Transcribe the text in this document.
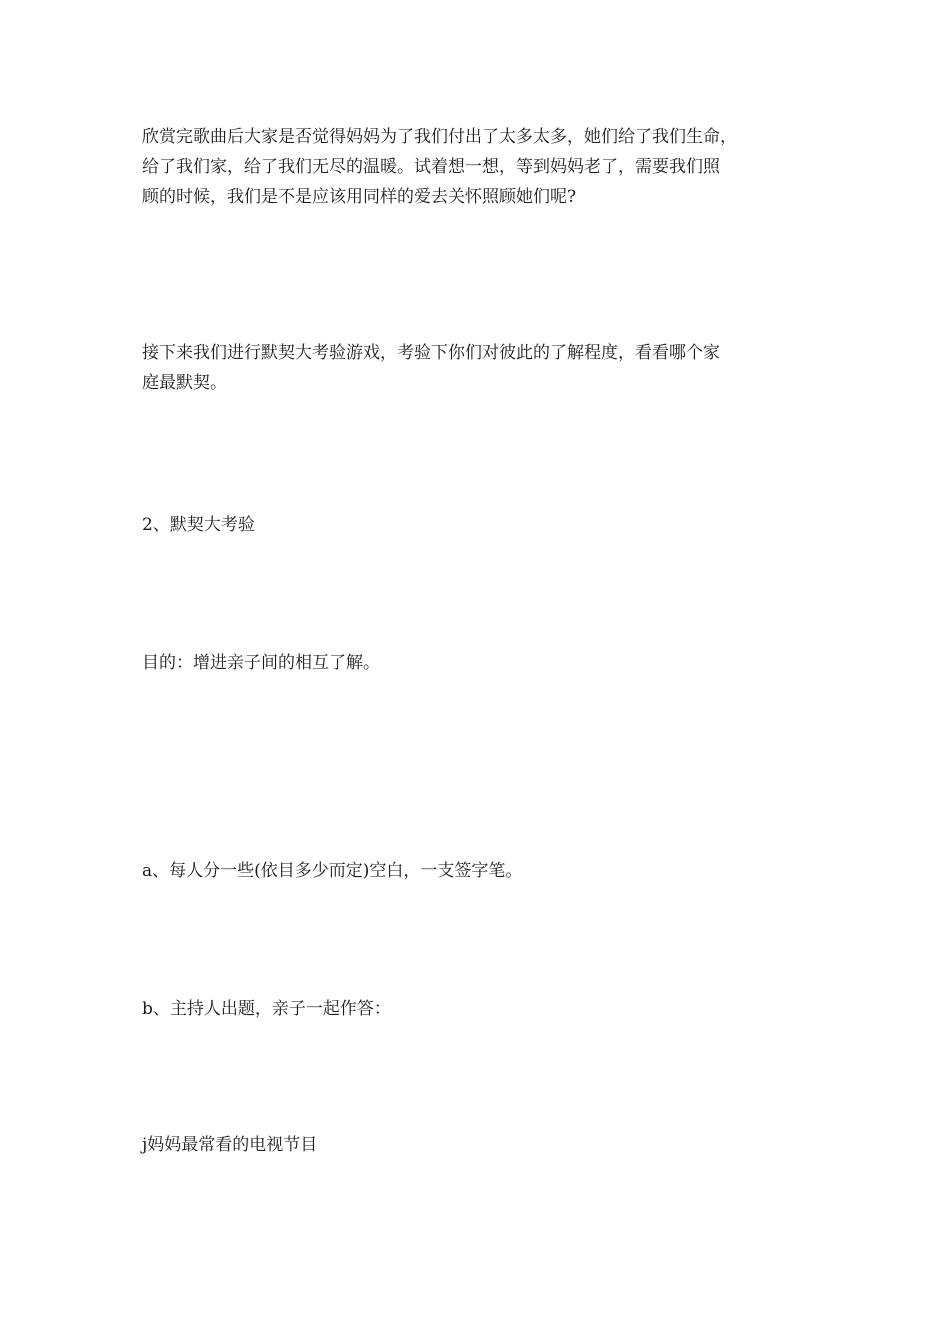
欣赏完歌曲后大家是否觉得妈妈为了我们付出了太多太多，她们给了我们生命，
给了我们家，给了我们无尽的温暖。试着想一想，等到妈妈老了，需要我们照
顾的时候，我们是不是应该用同样的爱去关怀照顾她们呢?

接下来我们进行默契大考验游戏，考验下你们对彼此的了解程度，看看哪个家
庭最默契。

2、默契大考验

目的：增进亲子间的相互了解。

a、每人分一些(依目多少而定)空白，一支签字笔。

b、主持人出题，亲子一起作答：

j妈妈最常看的电视节目
